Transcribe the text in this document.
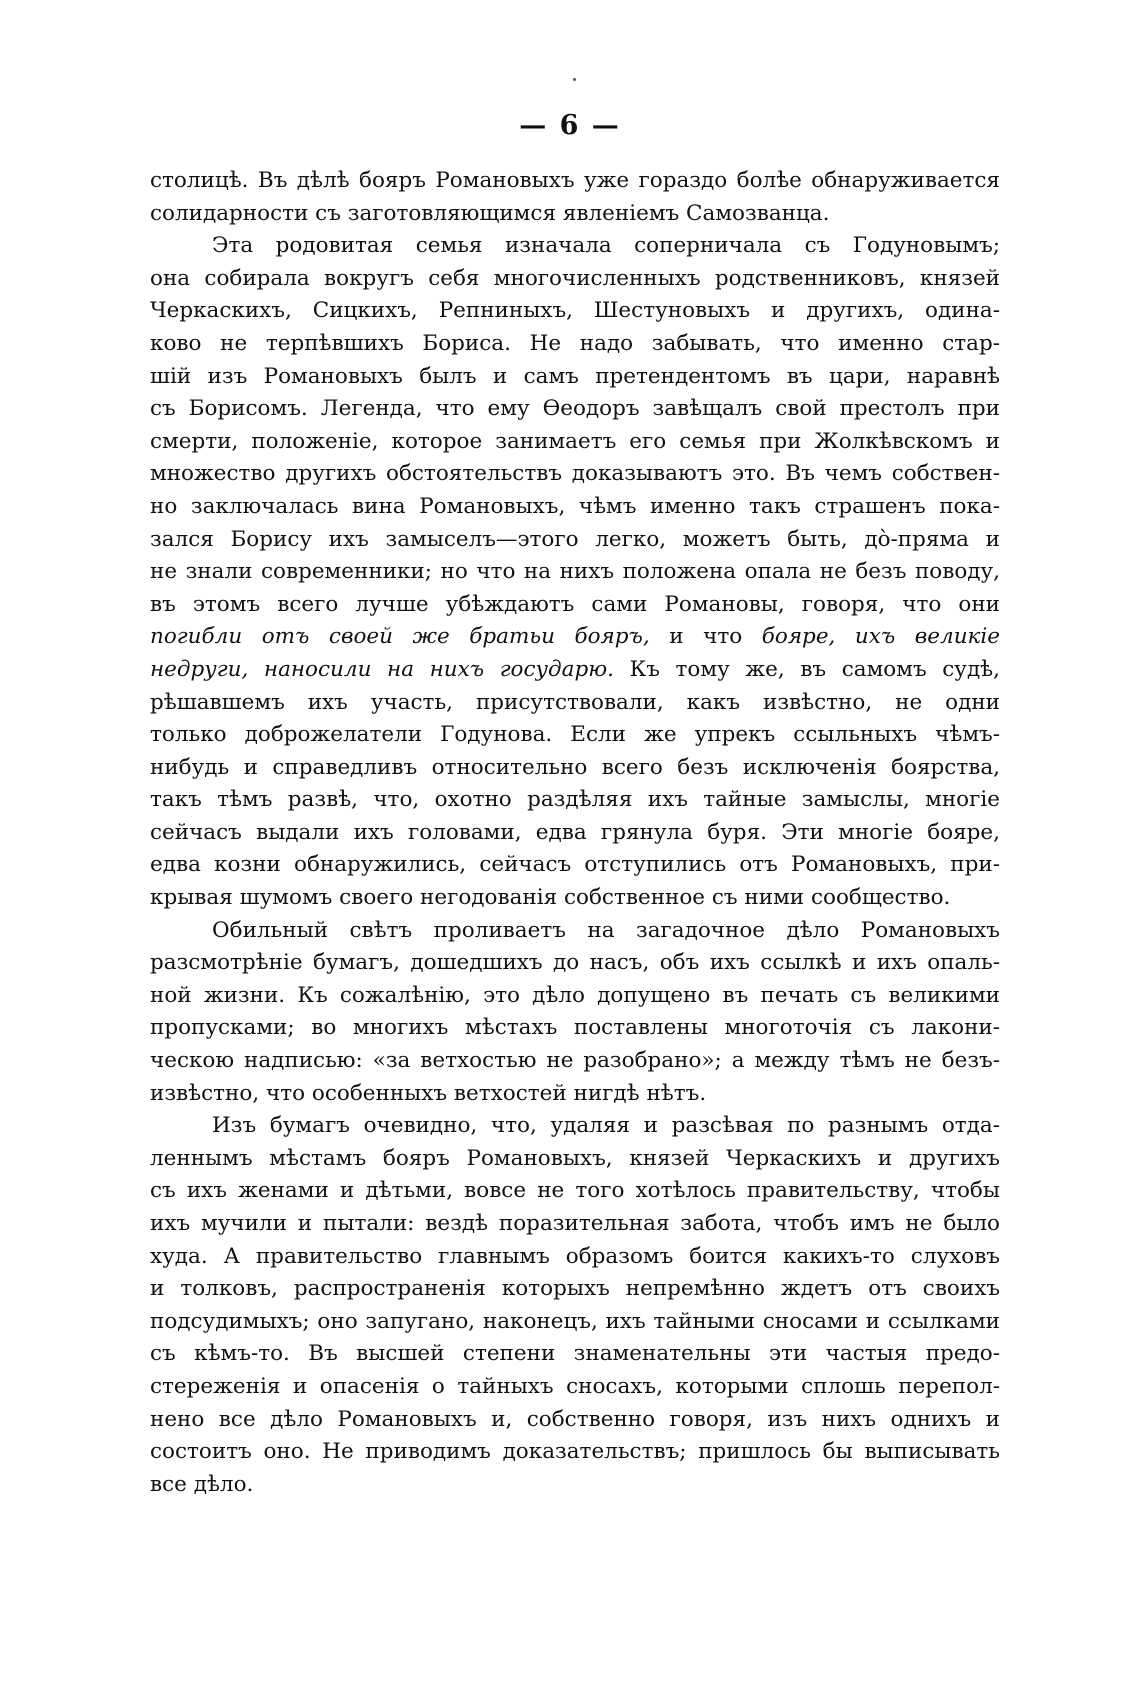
— 6 —
столицѣ. Въ дѣлѣ бояръ Романовыхъ уже гораздо болѣе обнаруживается
солидарности съ заготовляющимся явленіемъ Самозванца.
Эта родовитая семья изначала соперничала съ Годуновымъ;
она собирала вокругъ себя многочисленныхъ родственниковъ, князей
Черкаскихъ, Сицкихъ, Репниныхъ, Шестуновыхъ и другихъ, одина-
ково не терпѣвшихъ Бориса. Не надо забывать, что именно стар-
шій изъ Романовыхъ былъ и самъ претендентомъ въ цари, наравнѣ
съ Борисомъ. Легенда, что ему Ѳеодоръ завѣщалъ свой престолъ при
смерти, положеніе, которое занимаетъ его семья при Жолкѣвскомъ и
множество другихъ обстоятельствъ доказываютъ это. Въ чемъ собствен-
но заключалась вина Романовыхъ, чѣмъ именно такъ страшенъ пока-
зался Борису ихъ замыселъ—этого легко, можетъ быть, дò-пряма и
не знали современники; но что на нихъ положена опала не безъ поводу,
въ этомъ всего лучше убѣждаютъ сами Романовы, говоря, что они
погибли отъ своей же братьи бояръ, и что бояре, ихъ великіе
недруги, наносили на нихъ государю. Къ тому же, въ самомъ судѣ,
рѣшавшемъ ихъ участь, присутствовали, какъ извѣстно, не одни
только доброжелатели Годунова. Если же упрекъ ссыльныхъ чѣмъ-
нибудь и справедливъ относительно всего безъ исключенія боярства,
такъ тѣмъ развѣ, что, охотно раздѣляя ихъ тайные замыслы, многіе
сейчасъ выдали ихъ головами, едва грянула буря. Эти многіе бояре,
едва козни обнаружились, сейчасъ отступились отъ Романовыхъ, при-
крывая шумомъ своего негодованія собственное съ ними сообщество.
Обильный свѣтъ проливаетъ на загадочное дѣло Романовыхъ
разсмотрѣніе бумагъ, дошедшихъ до насъ, объ ихъ ссылкѣ и ихъ опаль-
ной жизни. Къ сожалѣнію, это дѣло допущено въ печать съ великими
пропусками; во многихъ мѣстахъ поставлены многоточія съ лакони-
ческою надписью: «за ветхостью не разобрано»; а между тѣмъ не безъ-
извѣстно, что особенныхъ ветхостей нигдѣ нѣтъ.
Изъ бумагъ очевидно, что, удаляя и разсѣвая по разнымъ отда-
леннымъ мѣстамъ бояръ Романовыхъ, князей Черкаскихъ и другихъ
съ ихъ женами и дѣтьми, вовсе не того хотѣлось правительству, чтобы
ихъ мучили и пытали: вездѣ поразительная забота, чтобъ имъ не было
худа. А правительство главнымъ образомъ боится какихъ-то слуховъ
и толковъ, распространенія которыхъ непремѣнно ждетъ отъ своихъ
подсудимыхъ; оно запугано, наконецъ, ихъ тайными сносами и ссылками
съ кѣмъ-то. Въ высшей степени знаменательны эти частыя предо-
стереженія и опасенія о тайныхъ сносахъ, которыми сплошь перепол-
нено все дѣло Романовыхъ и, собственно говоря, изъ нихъ однихъ и
состоитъ оно. Не приводимъ доказательствъ; пришлось бы выписывать
все дѣло.
